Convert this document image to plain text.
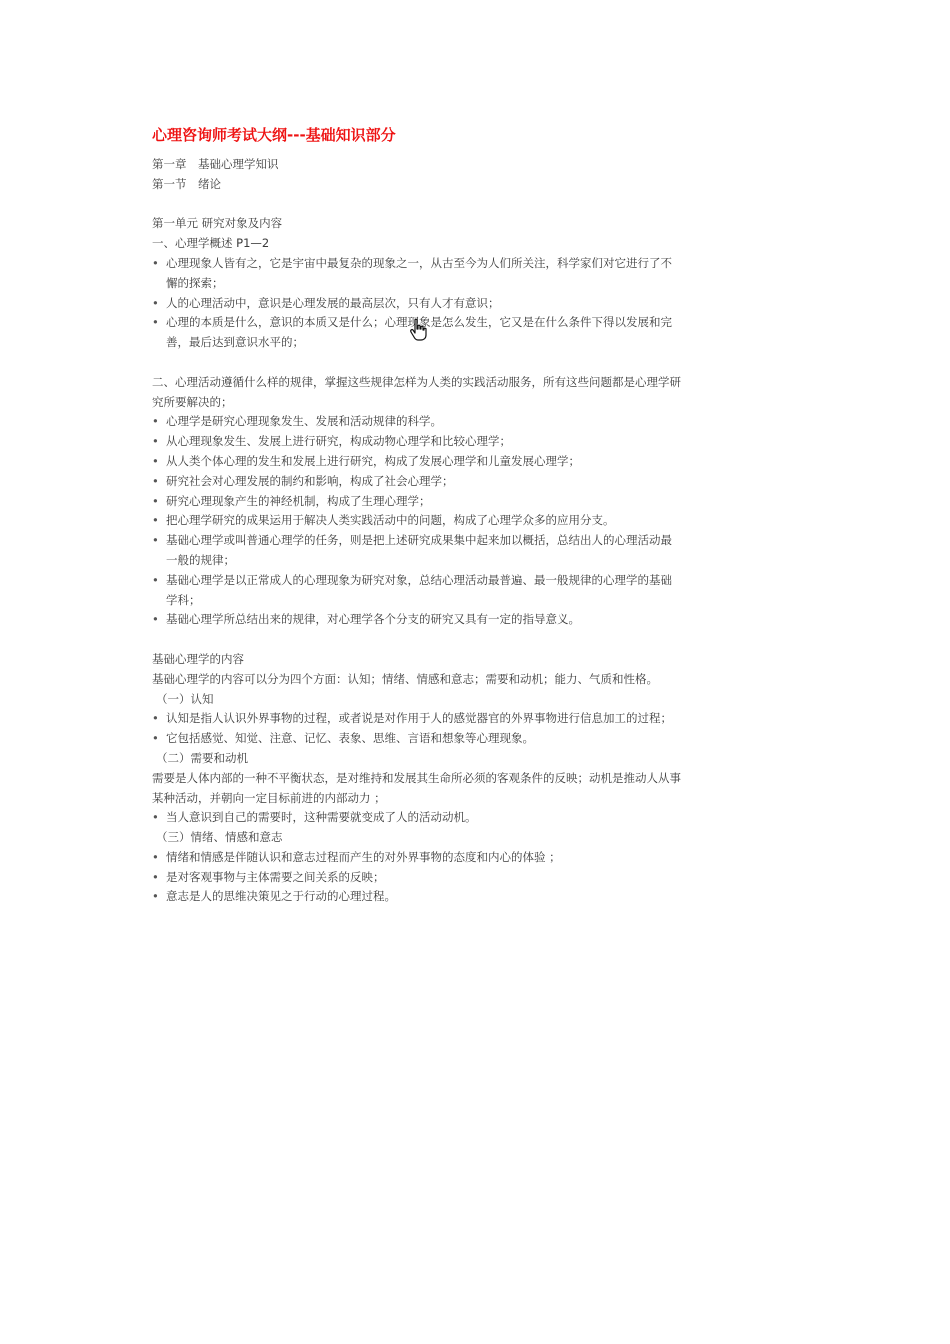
心理咨询师考试大纲---基础知识部分
第一章　基础心理学知识
第一节　绪论
第一单元 研究对象及内容
一、心理学概述 P1—2
• 心理现象人皆有之，它是宇宙中最复杂的现象之一，从古至今为人们所关注，科学家们对它进行了不懈的探索；
• 人的心理活动中，意识是心理发展的最高层次，只有人才有意识；
• 心理的本质是什么，意识的本质又是什么；心理现象是怎么发生，它又是在什么条件下得以发展和完善，最后达到意识水平的；
二、心理活动遵循什么样的规律，掌握这些规律怎样为人类的实践活动服务，所有这些问题都是心理学研究所要解决的；
• 心理学是研究心理现象发生、发展和活动规律的科学。
• 从心理现象发生、发展上进行研究，构成动物心理学和比较心理学；
• 从人类个体心理的发生和发展上进行研究，构成了发展心理学和儿童发展心理学；
• 研究社会对心理发展的制约和影响，构成了社会心理学；
• 研究心理现象产生的神经机制，构成了生理心理学；
• 把心理学研究的成果运用于解决人类实践活动中的问题，构成了心理学众多的应用分支。
• 基础心理学或叫普通心理学的任务，则是把上述研究成果集中起来加以概括，总结出人的心理活动最一般的规律；
• 基础心理学是以正常成人的心理现象为研究对象，总结心理活动最普遍、最一般规律的心理学的基础学科；
• 基础心理学所总结出来的规律，对心理学各个分支的研究又具有一定的指导意义。
基础心理学的内容
基础心理学的内容可以分为四个方面：认知；情绪、情感和意志；需要和动机；能力、气质和性格。
（一）认知
• 认知是指人认识外界事物的过程，或者说是对作用于人的感觉器官的外界事物进行信息加工的过程；
• 它包括感觉、知觉、注意、记忆、表象、思维、言语和想象等心理现象。
（二）需要和动机
需要是人体内部的一种不平衡状态，是对维持和发展其生命所必须的客观条件的反映；动机是推动人从事某种活动，并朝向一定目标前进的内部动力 ；
• 当人意识到自己的需要时，这种需要就变成了人的活动动机。
（三）情绪、情感和意志
• 情绪和情感是伴随认识和意志过程而产生的对外界事物的态度和内心的体验 ；
• 是对客观事物与主体需要之间关系的反映；
• 意志是人的思维决策见之于行动的心理过程。
